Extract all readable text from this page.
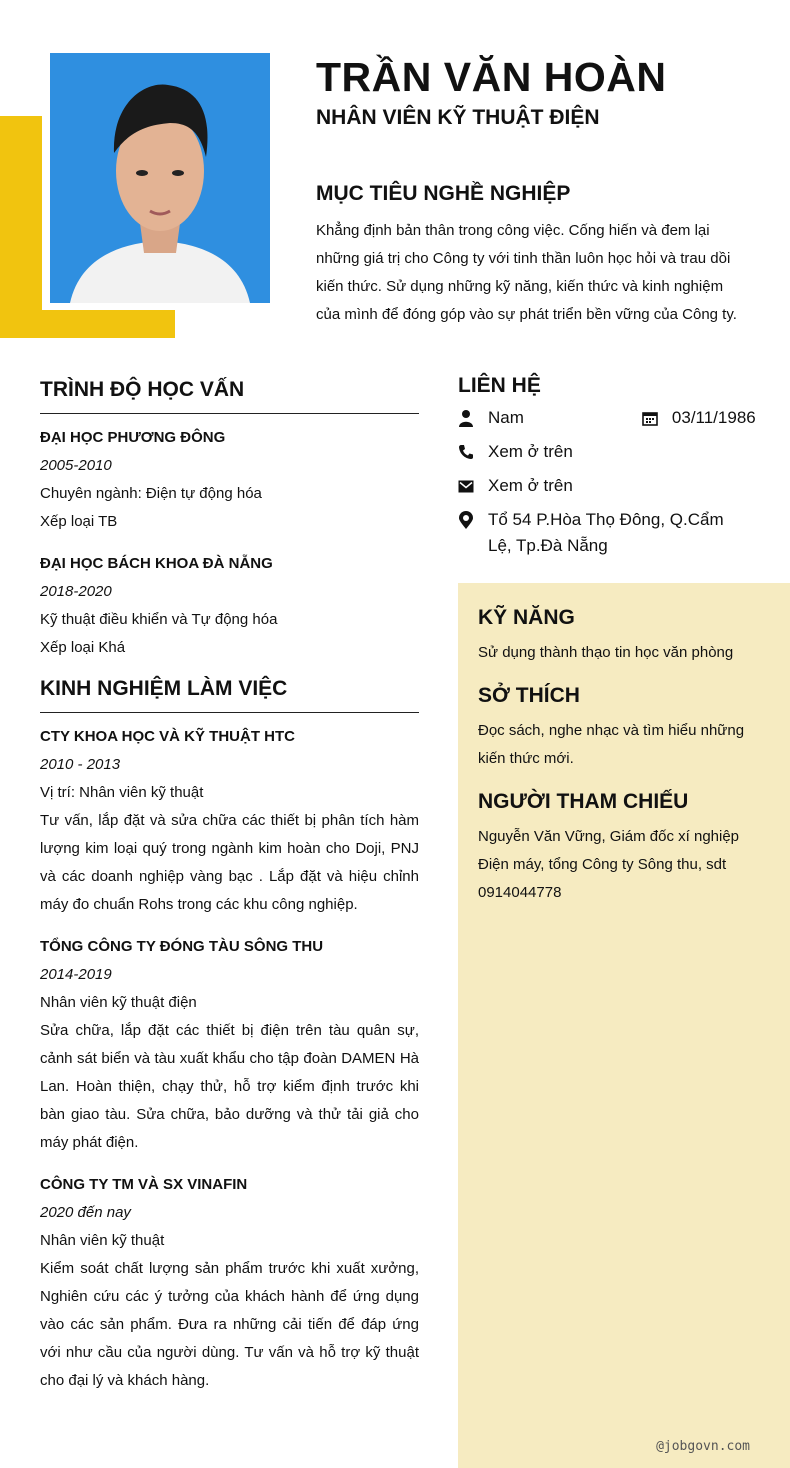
TRẦN VĂN HOÀN
NHÂN VIÊN KỸ THUẬT ĐIỆN
MỤC TIÊU NGHỀ NGHIỆP

Khẳng định bản thân trong công việc. Cống hiến và đem lại những giá trị cho Công ty với tinh thần luôn học hỏi và trau dồi kiến thức. Sử dụng những kỹ năng, kiến thức và kinh nghiệm của mình để đóng góp vào sự phát triển bền vững của Công ty.

TRÌNH ĐỘ HỌC VẤN
ĐẠI HỌC PHƯƠNG ĐÔNG
2005-2010
Chuyên ngành: Điện tự động hóa
Xếp loại TB
ĐẠI HỌC BÁCH KHOA ĐÀ NẴNG
2018-2020
Kỹ thuật điều khiển và Tự động hóa
Xếp loại Khá
KINH NGHIỆM LÀM VIỆC
CTY KHOA HỌC VÀ KỸ THUẬT HTC
2010 - 2013
Vị trí: Nhân viên kỹ thuật
Tư vấn, lắp đặt và sửa chữa các thiết bị phân tích hàm lượng kim loại quý trong ngành kim hoàn cho Doji, PNJ và các doanh nghiệp vàng bạc . Lắp đặt và hiệu chỉnh máy đo chuẩn Rohs trong các khu công nghiệp.
TỔNG CÔNG TY ĐÓNG TÀU SÔNG THU
2014-2019
Nhân viên kỹ thuật điện
Sửa chữa, lắp đặt các thiết bị điện trên tàu quân sự, cảnh sát biển và tàu xuất khẩu cho tập đoàn DAMEN Hà Lan. Hoàn thiện, chạy thử, hỗ trợ kiểm định trước khi bàn giao tàu. Sửa chữa, bảo dưỡng và thử tải giả cho máy phát điện.
CÔNG TY TM VÀ SX VINAFIN
2020 đến nay
Nhân viên kỹ thuật
Kiểm soát chất lượng sản phẩm trước khi xuất xưởng, Nghiên cứu các ý tưởng của khách hành để ứng dụng vào các sản phẩm. Đưa ra những cải tiến để đáp ứng với như cầu của người dùng. Tư vấn và hỗ trợ kỹ thuật cho đại lý và khách hàng.
LIÊN HỆ
Nam	03/11/1986
Xem ở trên
Xem ở trên
Tổ 54 P.Hòa Thọ Đông, Q.Cẩm Lệ, Tp.Đà Nẵng
KỸ NĂNG

Sử dụng thành thạo tin học văn phòng

SỞ THÍCH

Đọc sách, nghe nhạc và tìm hiểu những kiến thức mới.

NGƯỜI THAM CHIẾU

Nguyễn Văn Vững, Giám đốc xí nghiệp Điện máy, tổng Công ty Sông thu, sdt 0914044778

@jobgovn.com
